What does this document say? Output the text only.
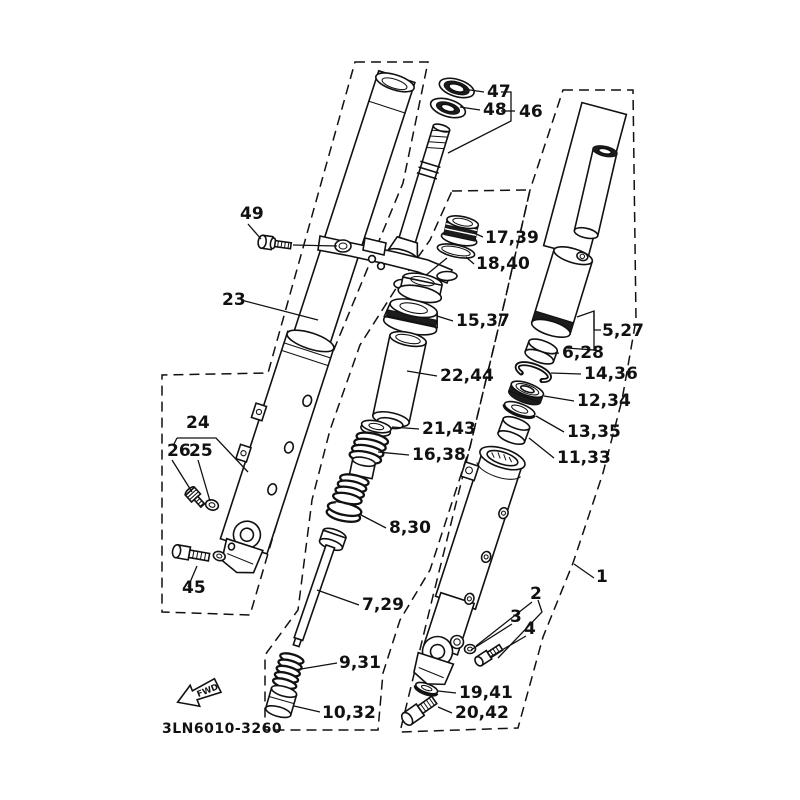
47
48 46
49
23
17,39
18,40
15,37	5,27
6,28
22,44	14,36
12,34
21,43	13,35
16,38	11,33
24
26
25
8,30
45
7,29
2
1
3
4
9,31
19,41
10,32	20,42
FWD
3LN6010-3260
